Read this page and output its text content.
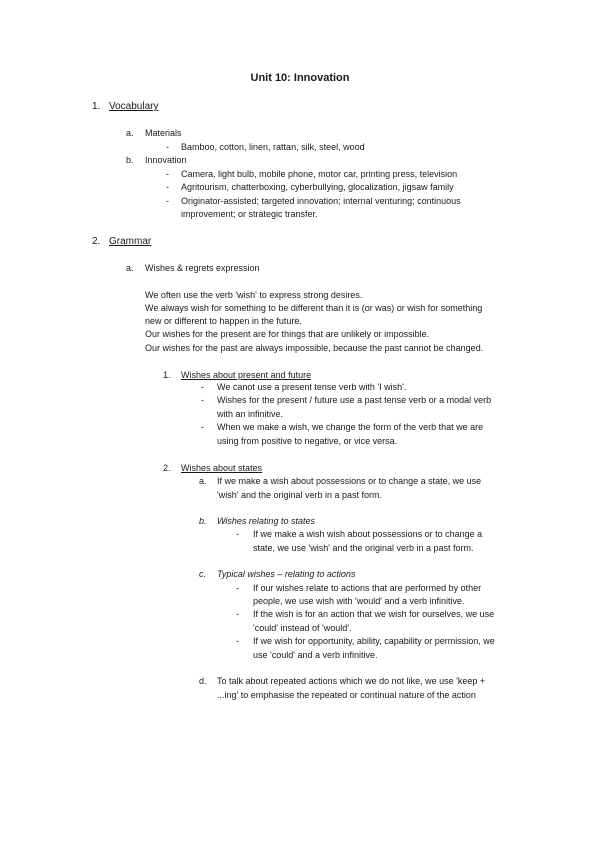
Unit 10: Innovation
1. Vocabulary
a. Materials
- Bamboo, cotton, linen, rattan, silk, steel, wood
b. Innovation
- Camera, light bulb, mobile phone, motor car, printing press, television
- Agritourism, chatterboxing, cyberbullying, glocalization, jigsaw family
- Originator-assisted; targeted innovation; internal venturing; continuous
improvement; or strategic transfer.
2. Grammar
a. Wishes & regrets expression
We often use the verb 'wish' to express strong desires.
We always wish for something to be different than it is (or was) or wish for something
new or different to happen in the future.
Our wishes for the present are for things that are unlikely or impossible.
Our wishes for the past are always impossible, because the past cannot be changed.
1. Wishes about present and future
- We canot use a present tense verb with 'I wish'.
- Wishes for the present / future use a past tense verb or a modal verb
with an infinitive.
- When we make a wish, we change the form of the verb that we are
using from positive to negative, or vice versa.
2. Wishes about states
a. If we make a wish about possessions or to change a state, we use
'wish' and the original verb in a past form.
b. Wishes relating to states
- If we make a wish wish about possessions or to change a
state, we use 'wish' and the original verb in a past form.
c. Typical wishes – relating to actions
- If our wishes relate to actions that are performed by other
people, we use wish with 'would' and a verb infinitive.
- If the wish is for an action that we wish for ourselves, we use
'could' instead of 'would'.
- If we wish for opportunity, ability, capability or permission, we
use 'could' and a verb infinitive.
d. To talk about repeated actions which we do not like, we use 'keep +
...ing' to emphasise the repeated or continual nature of the action
